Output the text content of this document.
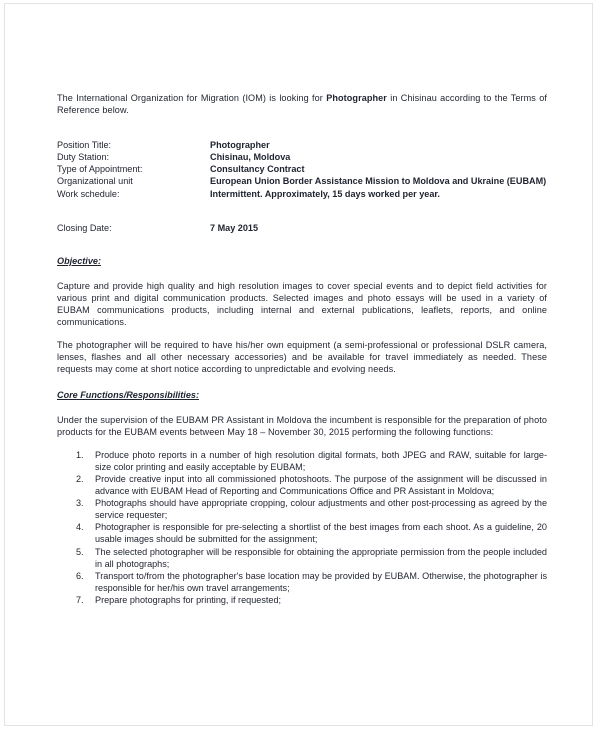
The International Organization for Migration (IOM) is looking for Photographer in Chisinau according to the Terms of Reference below.

Position Title:	Photographer
Duty Station:	Chisinau, Moldova
Type of Appointment:	Consultancy Contract
Organizational unit	European Union Border Assistance Mission to Moldova and Ukraine (EUBAM)
Work schedule:	Intermittent. Approximately, 15 days worked per year.

Closing Date:	7 May 2015
Objective:

Capture and provide high quality and high resolution images to cover special events and to depict field activities for various print and digital communication products. Selected images and photo essays will be used in a variety of EUBAM communications products, including internal and external publications, leaflets, reports, and online communications.

The photographer will be required to have his/her own equipment (a semi-professional or professional DSLR camera, lenses, flashes and all other necessary accessories) and be available for travel immediately as needed. These requests may come at short notice according to unpredictable and evolving needs.

Core Functions/Responsibilities:

Under the supervision of the EUBAM PR Assistant in Moldova the incumbent is responsible for the preparation of photo products for the EUBAM events between May 18 – November 30, 2015 performing the following functions:

1.	Produce photo reports in a number of high resolution digital formats, both JPEG and RAW, suitable for large-size color printing and easily acceptable by EUBAM;
2.	Provide creative input into all commissioned photoshoots. The purpose of the assignment will be discussed in advance with EUBAM Head of Reporting and Communications Office and PR Assistant in Moldova;
3.	Photographs should have appropriate cropping, colour adjustments and other post-processing as agreed by the service requester;
4.	Photographer is responsible for pre-selecting a shortlist of the best images from each shoot. As a guideline, 20 usable images should be submitted for the assignment;
5.	The selected photographer will be responsible for obtaining the appropriate permission from the people included in all photographs;
6.	Transport to/from the photographer's base location may be provided by EUBAM. Otherwise, the photographer is responsible for her/his own travel arrangements;
7.	Prepare photographs for printing, if requested;
